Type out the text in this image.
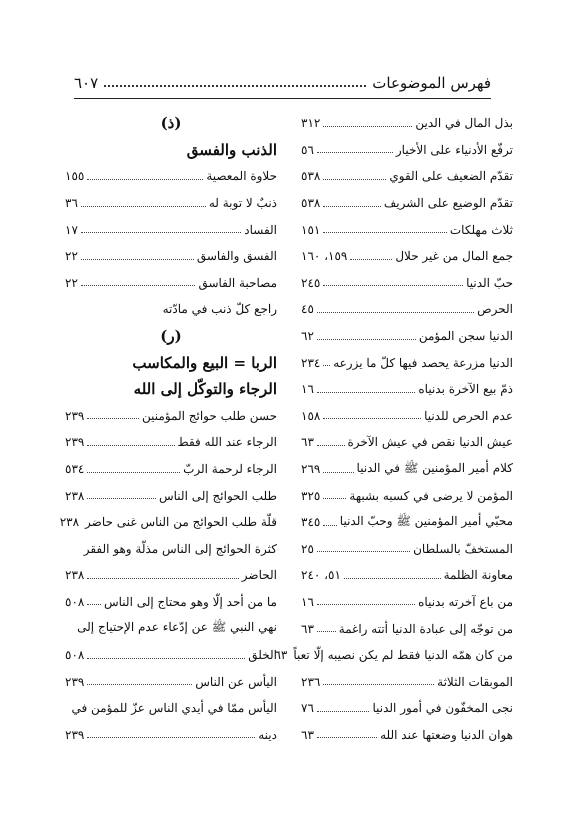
فهرس الموضوعات
٦٠٧
بذل المال في الدين
٣١٢
ترفّع الأدنياء على الأخيار
٥٦
تقدّم الضعيف على القوي
٥٣٨
تقدّم الوضيع على الشريف
٥٣٨
ثلاث مهلكات
١٥١
جمع المال من غير حلال
١٥٩، ١٦٠
حبّ الدنيا
٢٤٥
الحرص
٤٥
الدنيا سجن المؤمن
٦٢
الدنيا مزرعة يحصد فيها كلّ ما يزرعه
٢٣٤
ذمّ بيع الآخرة بدنياه
١٦
عدم الحرص للدنيا
١٥٨
عيش الدنيا نقص في عيش الآخرة
٦٣
كلام أمير المؤمنين ﷺ في الدنيا
٢٦٩
المؤمن لا يرضى في كسبه بشبهة
٣٢٥
محبّي أمير المؤمنين ﷺ وحبّ الدنيا
٣٤٥
المستخفّ بالسلطان
٢٥
معاونة الظلمة
٥١، ٢٤٠
من باع آخرته بدنياه
١٦
من توجّه إلى عبادة الدنيا أتته راغمة
٦٣
من كان همّه الدنيا فقط لم يكن نصيبه إلّا تعباً
٦٣
الموبقات الثلاثة
٢٣٦
نجى المخفّون في أمور الدنيا
٧٦
هوان الدنيا وضعتها عند الله
٦٣
(ذ)
الذنب والفسق
حلاوة المعصية
١٥٥
ذنبٌ لا توبة له
٣٦
الفساد
١٧
الفسق والفاسق
٢٢
مصاحبة الفاسق
٢٢
راجع كلّ ذنب في مادّته
(ر)
الربا = البيع والمكاسب
الرجاء والتوكّل إلى الله
حسن طلب حوائج المؤمنين
٢٣٩
الرجاء عند الله فقط
٢٣٩
الرجاء لرحمة الربّ
٥٣٤
طلب الحوائج إلى الناس
٢٣٨
قلّة طلب الحوائج من الناس غنى حاضر
٢٣٨
كثرة الحوائج إلى الناس مذلّة وهو الفقر
الحاضر
٢٣٨
ما من أحد إلّا وهو محتاج إلى الناس
٥٠٨
نهي النبي ﷺ عن إدّعاء عدم الإحتياج إلى
الخلق
٥٠٨
اليأس عن الناس
٢٣٩
اليأس ممّا في أيدي الناس عزّ للمؤمن في
دينه
٢٣٩
